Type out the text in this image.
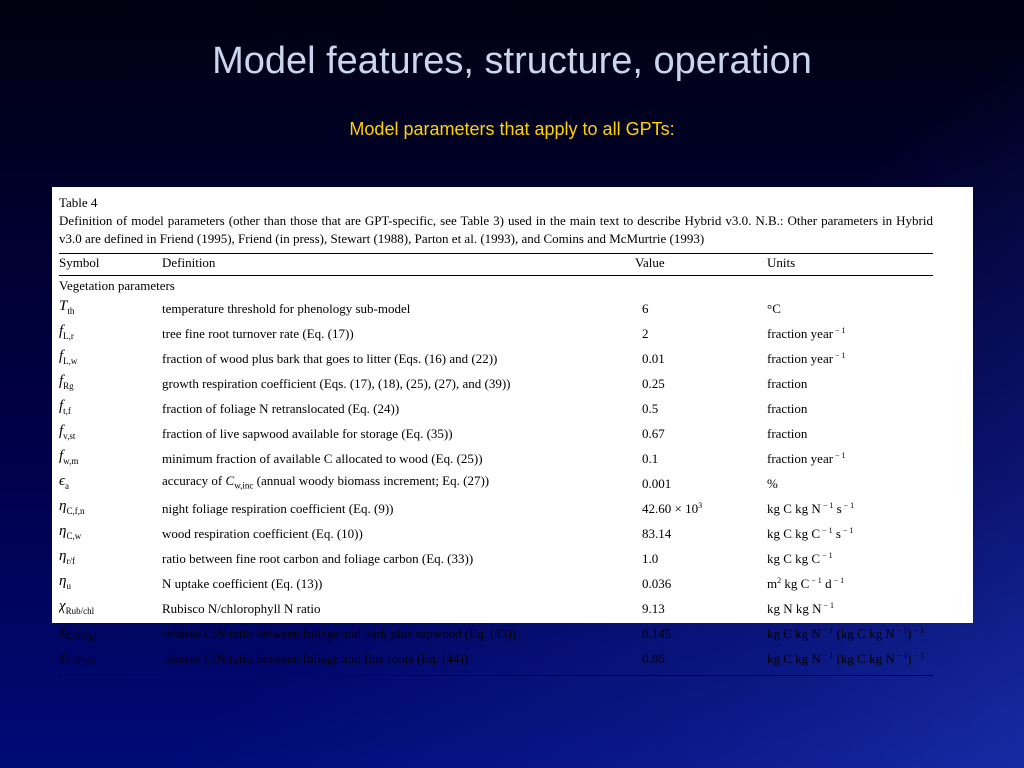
Model features, structure, operation
Model parameters that apply to all GPTs:
Table 4
Definition of model parameters (other than those that are GPT-specific, see Table 3) used in the main text to describe Hybrid v3.0. N.B.: Other parameters in Hybrid v3.0 are defined in Friend (1995), Friend (in press), Stewart (1988), Parton et al. (1993), and Comins and McMurtrie (1993)
Symbol	Definition	Value	Units
Vegetation parameters			
$T_{th}$	temperature threshold for phenology sub-model	6	°C
$f_{L,r}$	tree fine root turnover rate (Eq. (17))	2	fraction year $^{- 1}$
$f_{L,w}$	fraction of wood plus bark that goes to litter (Eqs. (16) and (22))	0.01	fraction year $^{- 1}$
$f_{Rg}$	growth respiration coefficient (Eqs. (17), (18), (25), (27), and (39))	0.25	fraction
$f_{t,f}$	fraction of foliage N retranslocated (Eq. (24))	0.5	fraction
$f_{v,st}$	fraction of live sapwood available for storage (Eq. (35))	0.67	fraction
$f_{w,m}$	minimum fraction of available C allocated to wood (Eq. (25))	0.1	fraction year $^{- 1}$
$\epsilon_a$	accuracy of $C_{w,inc}$ (annual woody biomass increment; Eq. (27))	0.001	%
$\eta_{C,f,n}$	night foliage respiration coefficient (Eq. (9))	$42.60 \times 10^3$	kg C kg N $^{- 1}$ s $^{- 1}$
$\eta_{C,w}$	wood respiration coefficient (Eq. (10))	83.14	kg C kg C $^{- 1}$ s $^{- 1}$
$\eta_{r/f}$	ratio between fine root carbon and foliage carbon (Eq. (33))	1.0	kg C kg C $^{- 1}$
$\eta_u$	N uptake coefficient (Eq. (13))	0.036	$m^2$ kg C $^{- 1}$ d $^{- 1}$
$\chi_{Rub/chl}$	Rubisco N/chlorophyll N ratio	9.13	kg N kg N $^{- 1}$
$\chi_{C:N(f/p)}$	relative C:N ratio between foliage and bark plus sapwood (Eq. (43))	0.145	kg C kg N $^{- 1}$ (kg C kg N $^{- 1}$) $^{- 1}$
$\chi_{C:N(f/r)}$	relative C:N ratio between foliage and fine roots (Eq. (44))	0.86	kg C kg N $^{- 1}$ (kg C kg N $^{- 1}$) $^{- 1}$
